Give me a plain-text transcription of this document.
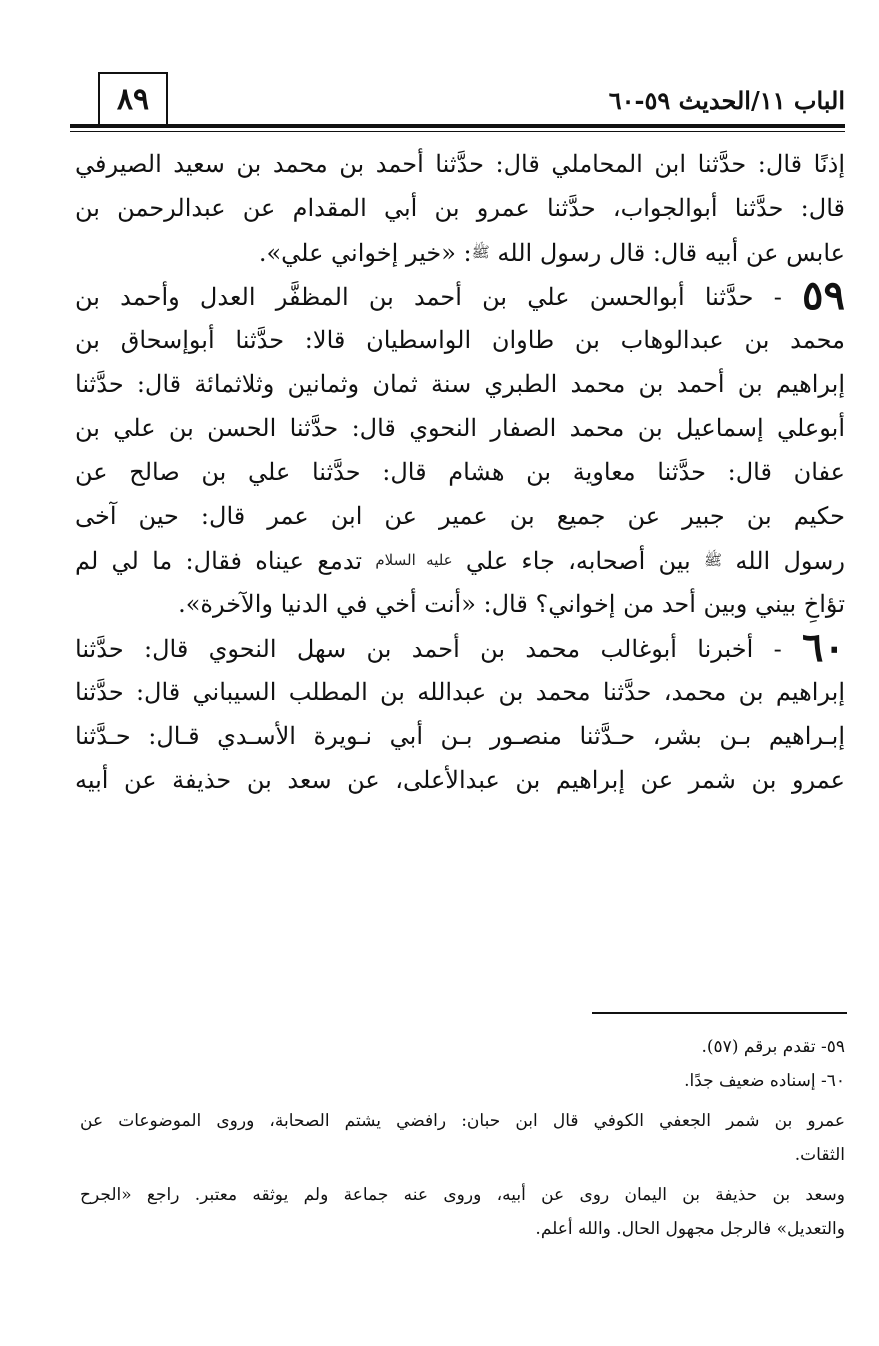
الباب ١١/الحديث ٥٩-٦٠
٨٩
إذنًا قال: حدَّثنا ابن المحاملي قال: حدَّثنا أحمد بن محمد بن سعيد الصيرفي
قال: حدَّثنا أبوالجواب، حدَّثنا عمرو بن أبي المقدام عن عبدالرحمن بن
عابس عن أبيه قال: قال رسول الله ﷺ: «خير إخواني علي».
٥٩ - حدَّثنا أبوالحسن علي بن أحمد بن المظفَّر العدل وأحمد بن
محمد بن عبدالوهاب بن طاوان الواسطيان قالا: حدَّثنا أبوإسحاق بن
إبراهيم بن أحمد بن محمد الطبري سنة ثمان وثمانين وثلاثمائة قال: حدَّثنا
أبوعلي إسماعيل بن محمد الصفار النحوي قال: حدَّثنا الحسن بن علي بن
عفان قال: حدَّثنا معاوية بن هشام قال: حدَّثنا علي بن صالح عن
حكيم بن جبير عن جميع بن عمير عن ابن عمر قال: حين آخى
رسول الله ﷺ بين أصحابه، جاء علي عليه السلام تدمع عيناه فقال: ما لي لم
تؤاخِ بيني وبين أحد من إخواني؟ قال: «أنت أخي في الدنيا والآخرة».
٦٠ - أخبرنا أبوغالب محمد بن أحمد بن سهل النحوي قال: حدَّثنا
إبراهيم بن محمد، حدَّثنا محمد بن عبدالله بن المطلب السيباني قال: حدَّثنا
إبـراهيم بـن بشر، حـدَّثنا منصـور بـن أبي نـويرة الأسـدي قـال: حـدَّثنا
عمرو بن شمر عن إبراهيم بن عبدالأعلى، عن سعد بن حذيفة عن أبيه
٥٩- تقدم برقم (٥٧).
٦٠- إسناده ضعيف جدًا.
عمرو بن شمر الجعفي الكوفي قال ابن حبان: رافضي يشتم الصحابة، وروى الموضوعات عن
الثقات.
وسعد بن حذيفة بن اليمان روى عن أبيه، وروى عنه جماعة ولم يوثقه معتبر. راجع «الجرح
والتعديل» فالرجل مجهول الحال. والله أعلم.
